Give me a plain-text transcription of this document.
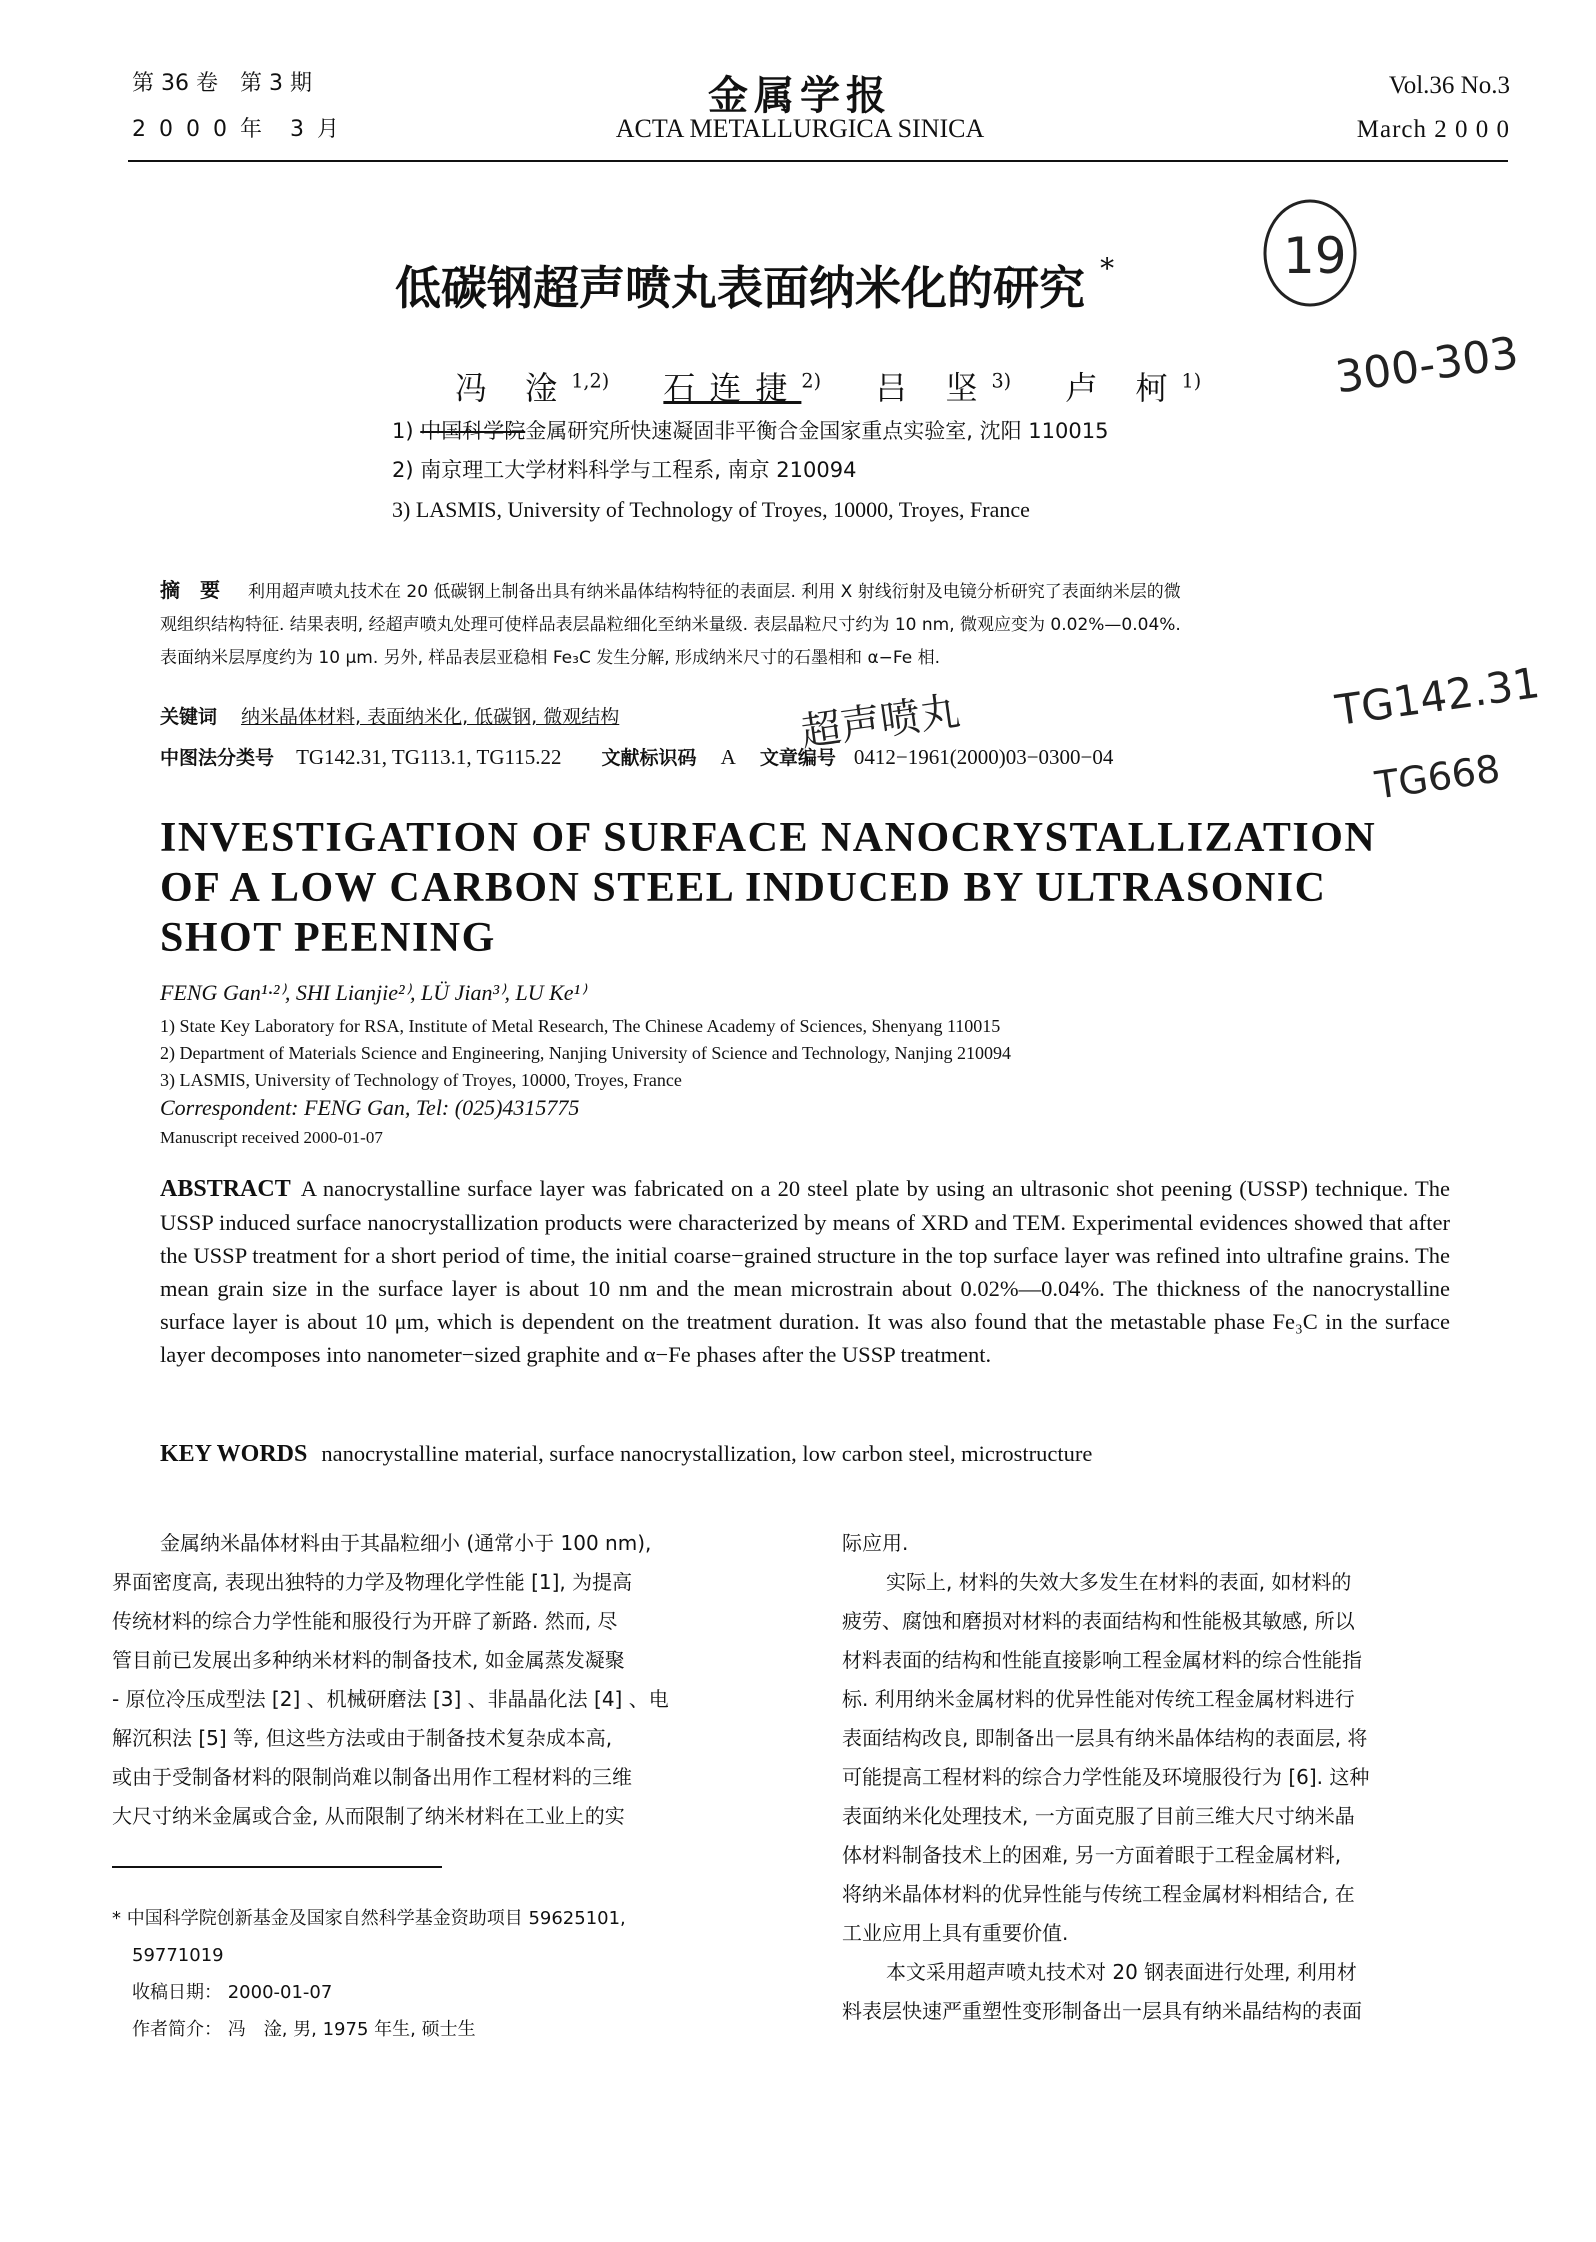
第 36 卷　第 3 期
2 0 0 0 年　3 月
金属学报
ACTA METALLURGICA SINICA
Vol.36 No.3
March 2 0 0 0
低碳钢超声喷丸表面纳米化的研究 *	19
300-303
TG142.31
TG668
超声喷丸
冯 淦$^{1,2)}$ 石连捷$^{2)}$ 吕 坚$^{3)}$ 卢 柯$^{1)}$
1) 中国科学院金属研究所快速凝固非平衡合金国家重点实验室, 沈阳 110015
2) 南京理工大学材料科学与工程系, 南京 210094
3) LASMIS, University of Technology of Troyes, 10000, Troyes, France
摘　要 利用超声喷丸技术在 20 低碳钢上制备出具有纳米晶体结构特征的表面层. 利用 X 射线衍射及电镜分析研究了表面纳米层的微
观组织结构特征. 结果表明, 经超声喷丸处理可使样品表层晶粒细化至纳米量级. 表层晶粒尺寸约为 10 nm, 微观应变为 0.02%—0.04%.
表面纳米层厚度约为 10 μm. 另外, 样品表层亚稳相 Fe₃C 发生分解, 形成纳米尺寸的石墨相和 α−Fe 相.
关键词 纳米晶体材料, 表面纳米化, 低碳钢, 微观结构
中图法分类号 TG142.31, TG113.1, TG115.22 文献标识码 A 文章编号 0412−1961(2000)03−0300−04
INVESTIGATION OF SURFACE NANOCRYSTALLIZATION
OF A LOW CARBON STEEL INDUCED BY ULTRASONIC
SHOT PEENING
FENG Gan¹·²⁾, SHI Lianjie²⁾, LÜ Jian³⁾, LU Ke¹⁾
1) State Key Laboratory for RSA, Institute of Metal Research, The Chinese Academy of Sciences, Shenyang 110015
2) Department of Materials Science and Engineering, Nanjing University of Science and Technology, Nanjing 210094
3) LASMIS, University of Technology of Troyes, 10000, Troyes, France
Correspondent: FENG Gan, Tel: (025)4315775
Manuscript received 2000-01-07
ABSTRACT A nanocrystalline surface layer was fabricated on a 20 steel plate by using an ultrasonic shot peening (USSP) technique. The USSP induced surface nanocrystallization products were characterized by means of XRD and TEM. Experimental evidences showed that after the USSP treatment for a short period of time, the initial coarse−grained structure in the top surface layer was refined into ultrafine grains. The mean grain size in the surface layer is about 10 nm and the mean microstrain about 0.02%—0.04%. The thickness of the nanocrystalline surface layer is about 10 μm, which is dependent on the treatment duration. It was also found that the metastable phase Fe₃C in the surface layer decomposes into nanometer−sized graphite and α−Fe phases after the USSP treatment.
KEY WORDS nanocrystalline material, surface nanocrystallization, low carbon steel, microstructure
金属纳米晶体材料由于其晶粒细小 (通常小于 100 nm),
界面密度高, 表现出独特的力学及物理化学性能 [1], 为提高
传统材料的综合力学性能和服役行为开辟了新路. 然而, 尽
管目前已发展出多种纳米材料的制备技术, 如金属蒸发凝聚
- 原位冷压成型法 [2] 、机械研磨法 [3] 、非晶晶化法 [4] 、电
解沉积法 [5] 等, 但这些方法或由于制备技术复杂成本高,
或由于受制备材料的限制尚难以制备出用作工程材料的三维
大尺寸纳米金属或合金, 从而限制了纳米材料在工业上的实
* 中国科学院创新基金及国家自然科学基金资助项目 59625101,
59771019
收稿日期： 2000-01-07
作者简介： 冯　淦, 男, 1975 年生, 硕士生
际应用.
　实际上, 材料的失效大多发生在材料的表面, 如材料的
疲劳、腐蚀和磨损对材料的表面结构和性能极其敏感, 所以
材料表面的结构和性能直接影响工程金属材料的综合性能指
标. 利用纳米金属材料的优异性能对传统工程金属材料进行
表面结构改良, 即制备出一层具有纳米晶体结构的表面层, 将
可能提高工程材料的综合力学性能及环境服役行为 [6]. 这种
表面纳米化处理技术, 一方面克服了目前三维大尺寸纳米晶
体材料制备技术上的困难, 另一方面着眼于工程金属材料,
将纳米晶体材料的优异性能与传统工程金属材料相结合, 在
工业应用上具有重要价值.
　本文采用超声喷丸技术对 20 钢表面进行处理, 利用材
料表层快速严重塑性变形制备出一层具有纳米晶结构的表面
